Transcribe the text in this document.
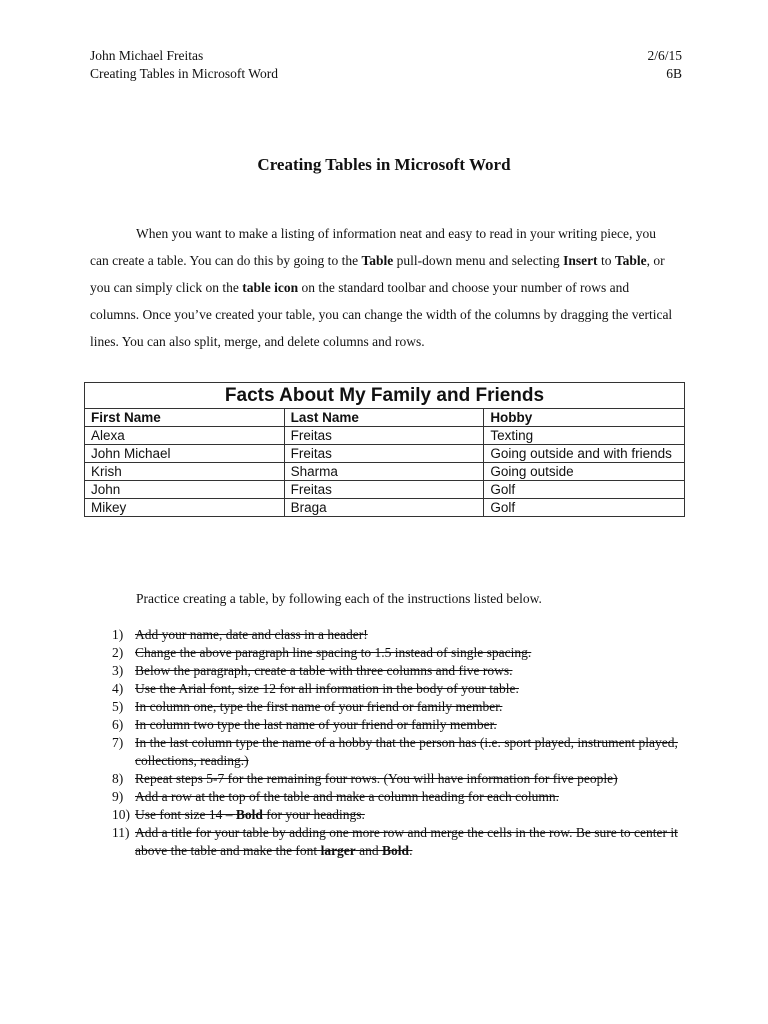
John Michael Freitas	2/6/15
Creating Tables in Microsoft Word	6B
Creating Tables in Microsoft Word
When you want to make a listing of information neat and easy to read in your writing piece, you can create a table. You can do this by going to the Table pull-down menu and selecting Insert to Table, or you can simply click on the table icon on the standard toolbar and choose your number of rows and columns. Once you’ve created your table, you can change the width of the columns by dragging the vertical lines. You can also split, merge, and delete columns and rows.
Facts About My Family and Friends		
First Name	Last Name	Hobby
Alexa	Freitas	Texting
John Michael	Freitas	Going outside and with friends
Krish	Sharma	Going outside
John	Freitas	Golf
Mikey	Braga	Golf
Practice creating a table, by following each of the instructions listed below.
1) Add your name, date and class in a header!
2) Change the above paragraph line spacing to 1.5 instead of single spacing.
3) Below the paragraph, create a table with three columns and five rows.
4) Use the Arial font, size 12 for all information in the body of your table.
5) In column one, type the first name of your friend or family member.
6) In column two type the last name of your friend or family member.
7) In the last column type the name of a hobby that the person has (i.e. sport played, instrument played, collections, reading.)
8) Repeat steps 5-7 for the remaining four rows. (You will have information for five people)
9) Add a row at the top of the table and make a column heading for each column.
10) Use font size 14 – Bold for your headings.
11) Add a title for your table by adding one more row and merge the cells in the row. Be sure to center it above the table and make the font larger and Bold.
